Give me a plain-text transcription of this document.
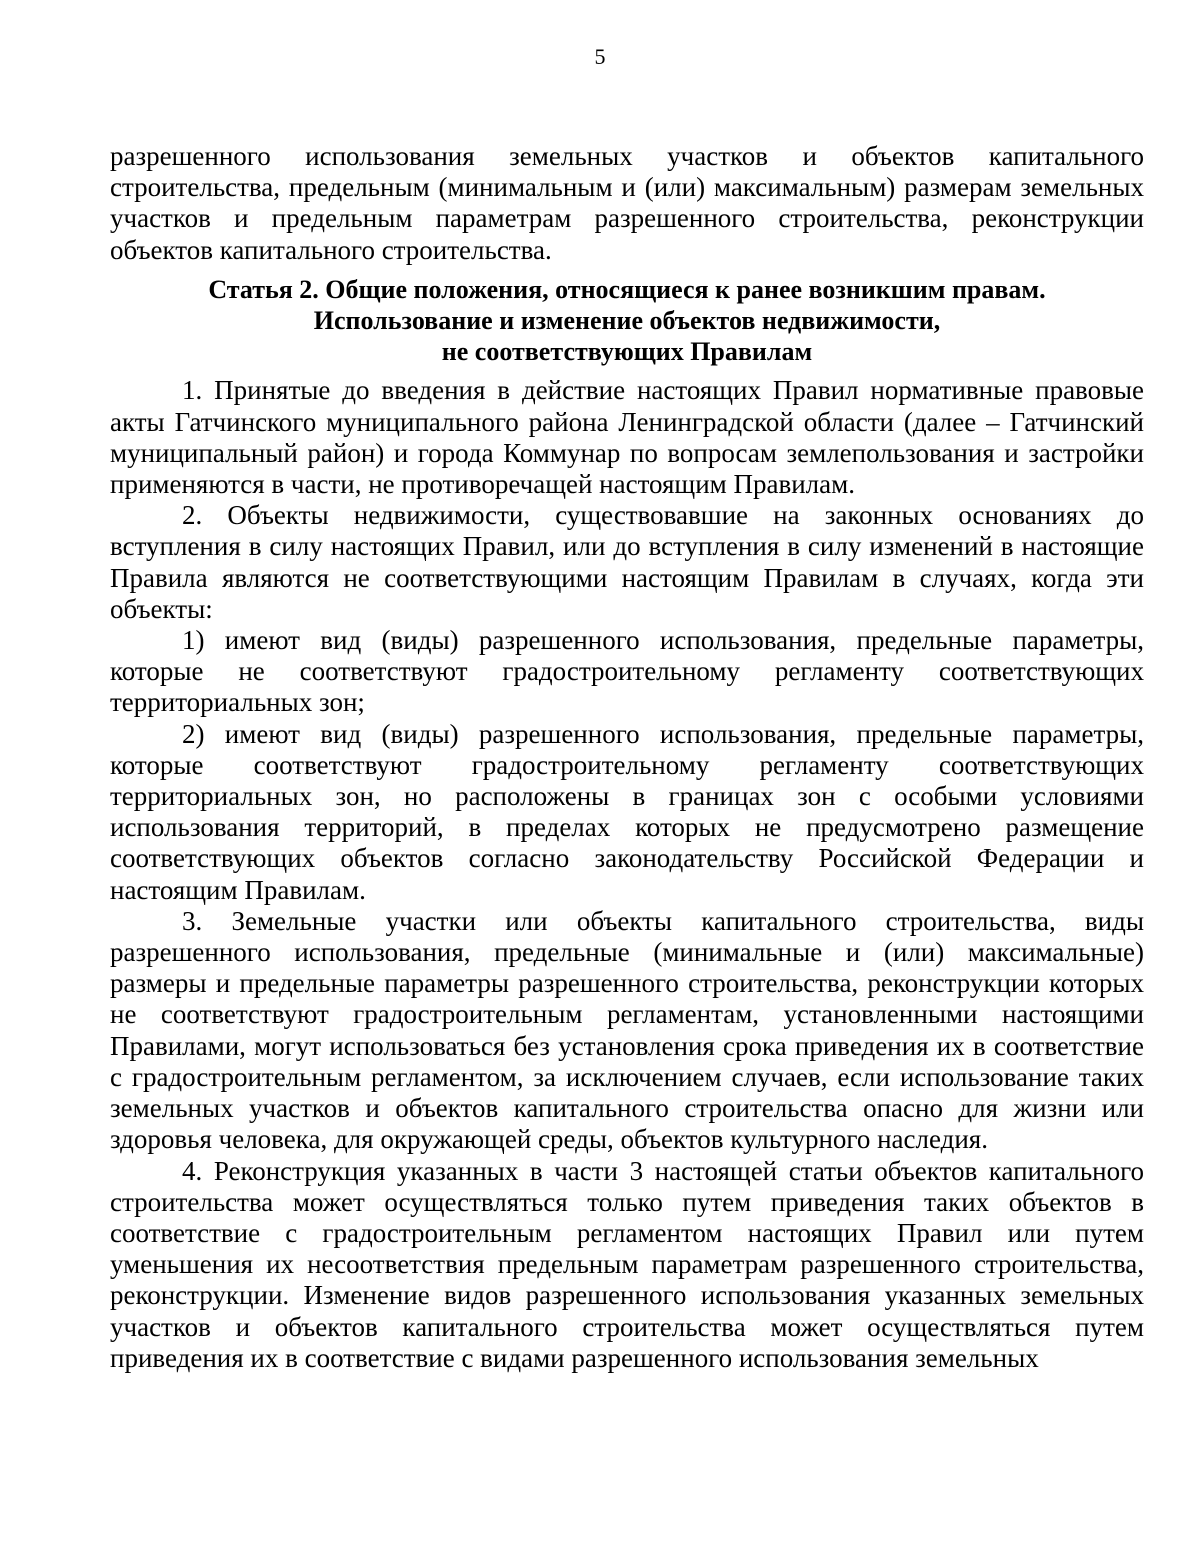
5

разрешенного использования земельных участков и объектов капитального строительства, предельным (минимальным и (или) максимальным) размерам земельных участков и предельным параметрам разрешенного строительства, реконструкции объектов капитального строительства.

Статья 2. Общие положения, относящиеся к ранее возникшим правам.
Использование и изменение объектов недвижимости,
не соответствующих Правилам

1. Принятые до введения в действие настоящих Правил нормативные правовые акты Гатчинского муниципального района Ленинградской области (далее – Гатчинский муниципальный район) и города Коммунар по вопросам землепользования и застройки применяются в части, не противоречащей настоящим Правилам.

2. Объекты недвижимости, существовавшие на законных основаниях до вступления в силу настоящих Правил, или до вступления в силу изменений в настоящие Правила являются не соответствующими настоящим Правилам в случаях, когда эти объекты:

1) имеют вид (виды) разрешенного использования, предельные параметры, которые не соответствуют градостроительному регламенту соответствующих территориальных зон;

2) имеют вид (виды) разрешенного использования, предельные параметры, которые соответствуют градостроительному регламенту соответствующих территориальных зон, но расположены в границах зон с особыми условиями использования территорий, в пределах которых не предусмотрено размещение соответствующих объектов согласно законодательству Российской Федерации и настоящим Правилам.

3. Земельные участки или объекты капитального строительства, виды разрешенного использования, предельные (минимальные и (или) максимальные) размеры и предельные параметры разрешенного строительства, реконструкции которых не соответствуют градостроительным регламентам, установленными настоящими Правилами, могут использоваться без установления срока приведения их в соответствие с градостроительным регламентом, за исключением случаев, если использование таких земельных участков и объектов капитального строительства опасно для жизни или здоровья человека, для окружающей среды, объектов культурного наследия.

4. Реконструкция указанных в части 3 настоящей статьи объектов капитального строительства может осуществляться только путем приведения таких объектов в соответствие с градостроительным регламентом настоящих Правил или путем уменьшения их несоответствия предельным параметрам разрешенного строительства, реконструкции. Изменение видов разрешенного использования указанных земельных участков и объектов капитального строительства может осуществляться путем приведения их в соответствие с видами разрешенного использования земельных
